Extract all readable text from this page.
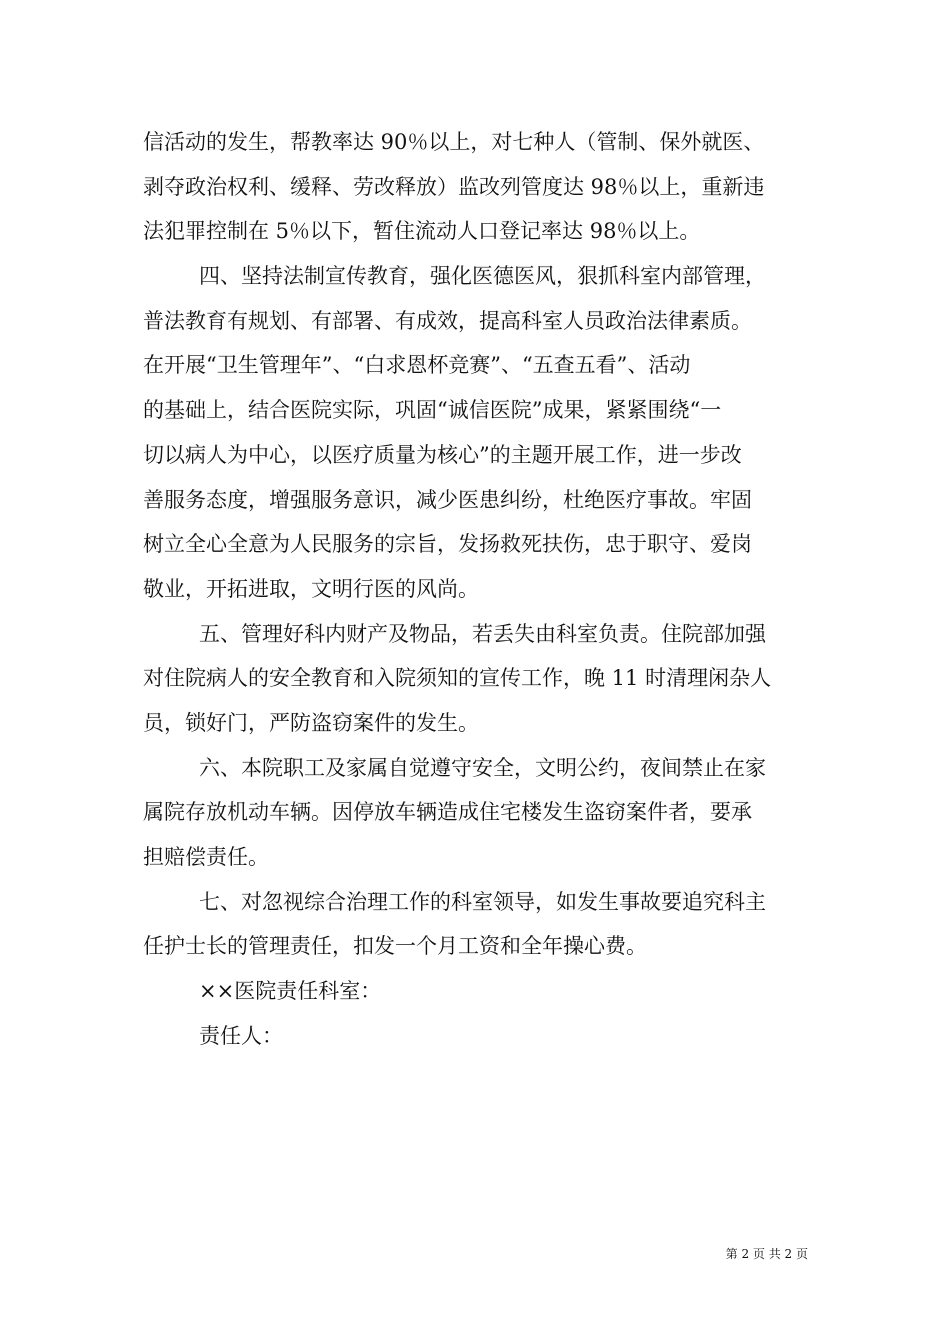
信活动的发生，帮教率达 90％以上，对七种人（管制、保外就医、
剥夺政治权利、缓释、劳改释放）监改列管度达 98％以上，重新违
法犯罪控制在 5％以下，暂住流动人口登记率达 98％以上。
四、坚持法制宣传教育，强化医德医风，狠抓科室内部管理，
普法教育有规划、有部署、有成效，提高科室人员政治法律素质。
在开展“卫生管理年”、“白求恩杯竞赛”、“五查五看”、活动
的基础上，结合医院实际，巩固“诚信医院”成果，紧紧围绕“一
切以病人为中心，以医疗质量为核心”的主题开展工作，进一步改
善服务态度，增强服务意识，减少医患纠纷，杜绝医疗事故。牢固
树立全心全意为人民服务的宗旨，发扬救死扶伤，忠于职守、爱岗
敬业，开拓进取，文明行医的风尚。
五、管理好科内财产及物品，若丢失由科室负责。住院部加强
对住院病人的安全教育和入院须知的宣传工作，晚 11 时清理闲杂人
员，锁好门，严防盗窃案件的发生。
六、本院职工及家属自觉遵守安全，文明公约，夜间禁止在家
属院存放机动车辆。因停放车辆造成住宅楼发生盗窃案件者，要承
担赔偿责任。
七、对忽视综合治理工作的科室领导，如发生事故要追究科主
任护士长的管理责任，扣发一个月工资和全年操心费。
××医院责任科室：
责任人：
第 2 页 共 2 页
